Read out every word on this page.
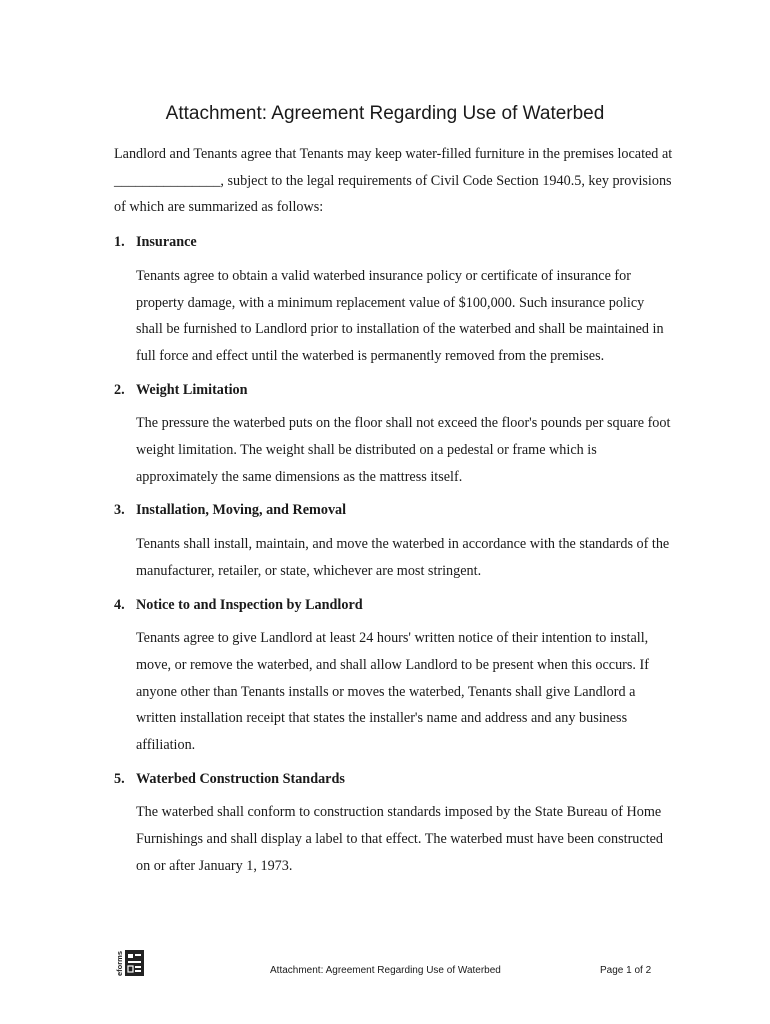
Attachment: Agreement Regarding Use of Waterbed

Landlord and Tenants agree that Tenants may keep water-filled furniture in the premises located at _______________, subject to the legal requirements of Civil Code Section 1940.5, key provisions of which are summarized as follows:

1. Insurance

Tenants agree to obtain a valid waterbed insurance policy or certificate of insurance for property damage, with a minimum replacement value of $100,000. Such insurance policy shall be furnished to Landlord prior to installation of the waterbed and shall be maintained in full force and effect until the waterbed is permanently removed from the premises.

2. Weight Limitation

The pressure the waterbed puts on the floor shall not exceed the floor's pounds per square foot weight limitation. The weight shall be distributed on a pedestal or frame which is approximately the same dimensions as the mattress itself.

3. Installation, Moving, and Removal

Tenants shall install, maintain, and move the waterbed in accordance with the standards of the manufacturer, retailer, or state, whichever are most stringent.

4. Notice to and Inspection by Landlord

Tenants agree to give Landlord at least 24 hours' written notice of their intention to install, move, or remove the waterbed, and shall allow Landlord to be present when this occurs. If anyone other than Tenants installs or moves the waterbed, Tenants shall give Landlord a written installation receipt that states the installer's name and address and any business affiliation.

5. Waterbed Construction Standards

The waterbed shall conform to construction standards imposed by the State Bureau of Home Furnishings and shall display a label to that effect. The waterbed must have been constructed on or after January 1, 1973.

eforms	Attachment: Agreement Regarding Use of Waterbed	Page 1 of 2
